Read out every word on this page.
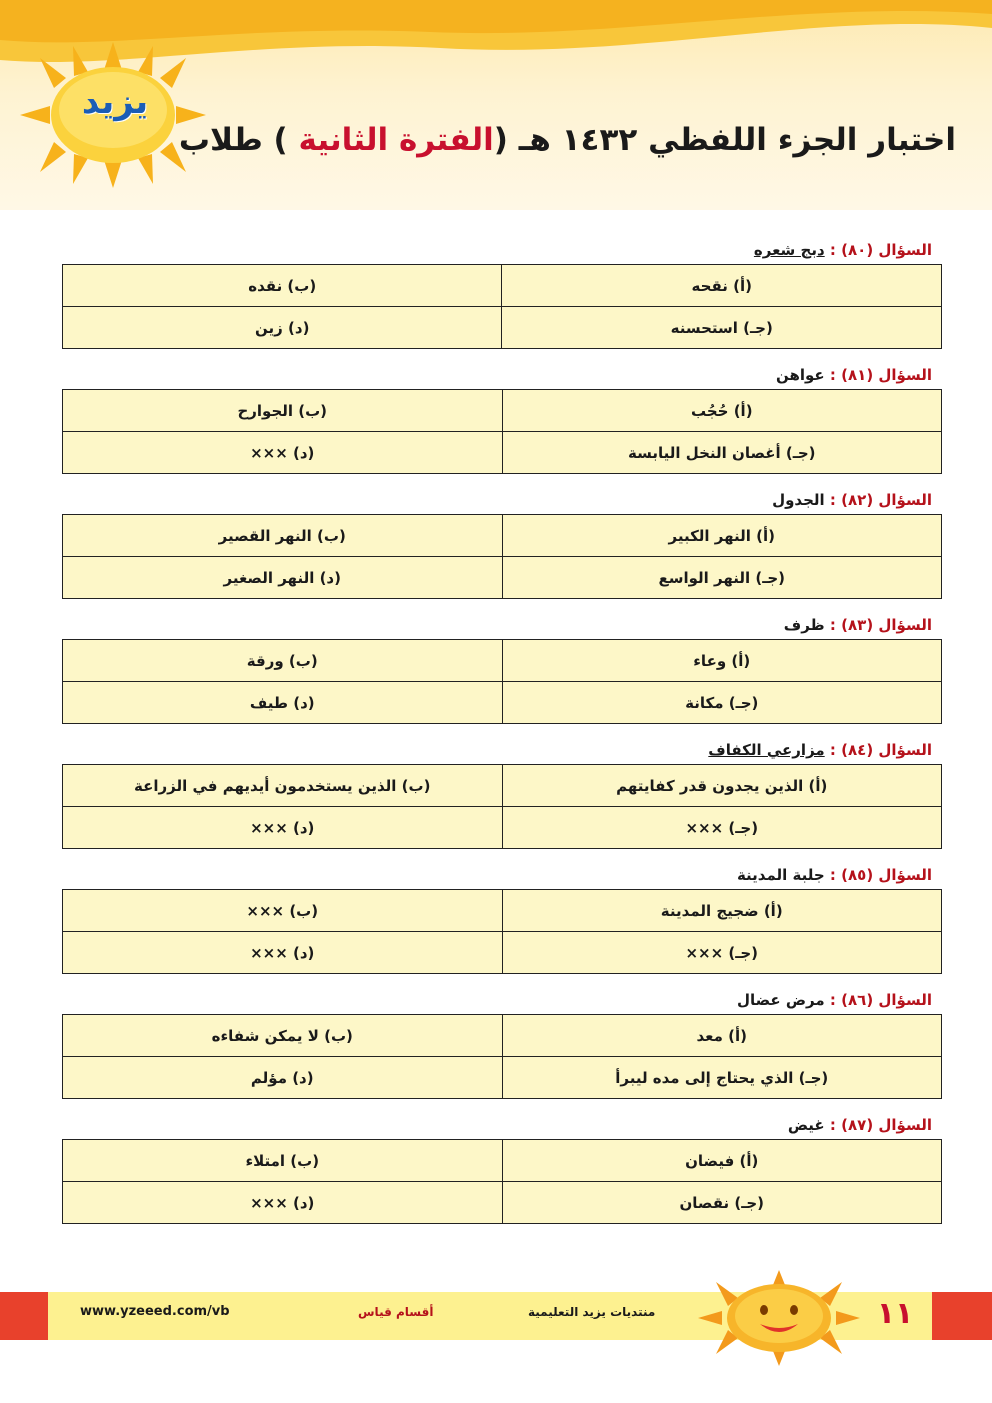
يزيد
اختبار الجزء اللفظي ١٤٣٢ هـ (الفترة الثانية ) طلاب
السؤال (٨٠) : دبج شعره
(أ) نقحه	(ب) نقده
(جـ) استحسنه	(د) زين
السؤال (٨١) : عواهن
(أ) حُجُب	(ب) الجوارح
(جـ) أغصان النخل اليابسة	(د) ×××
السؤال (٨٢) : الجدول
(أ) النهر الكبير	(ب) النهر القصير
(جـ) النهر الواسع	(د) النهر الصغير
السؤال (٨٣) : ظرف
(أ) وعاء	(ب) ورقة
(جـ) مكانة	(د) طيف
السؤال (٨٤) : مزارعي الكفاف
(أ) الذين يجدون قدر كفايتهم	(ب) الذين يستخدمون أيديهم في الزراعة
(جـ) ×××	(د) ×××
السؤال (٨٥) : جلبة المدينة
(أ) ضجيج المدينة	(ب) ×××
(جـ) ×××	(د) ×××
السؤال (٨٦) : مرض عضال
(أ) معد	(ب) لا يمكن شفاءه
(جـ) الذي يحتاج إلى مده ليبرأ	(د) مؤلم
السؤال (٨٧) : غيض
(أ) فيضان	(ب) امتلاء
(جـ) نقصان	(د) ×××
www.yzeeed.com/vb	أقسام قياس	منتديات يزيد التعليمية	١١
